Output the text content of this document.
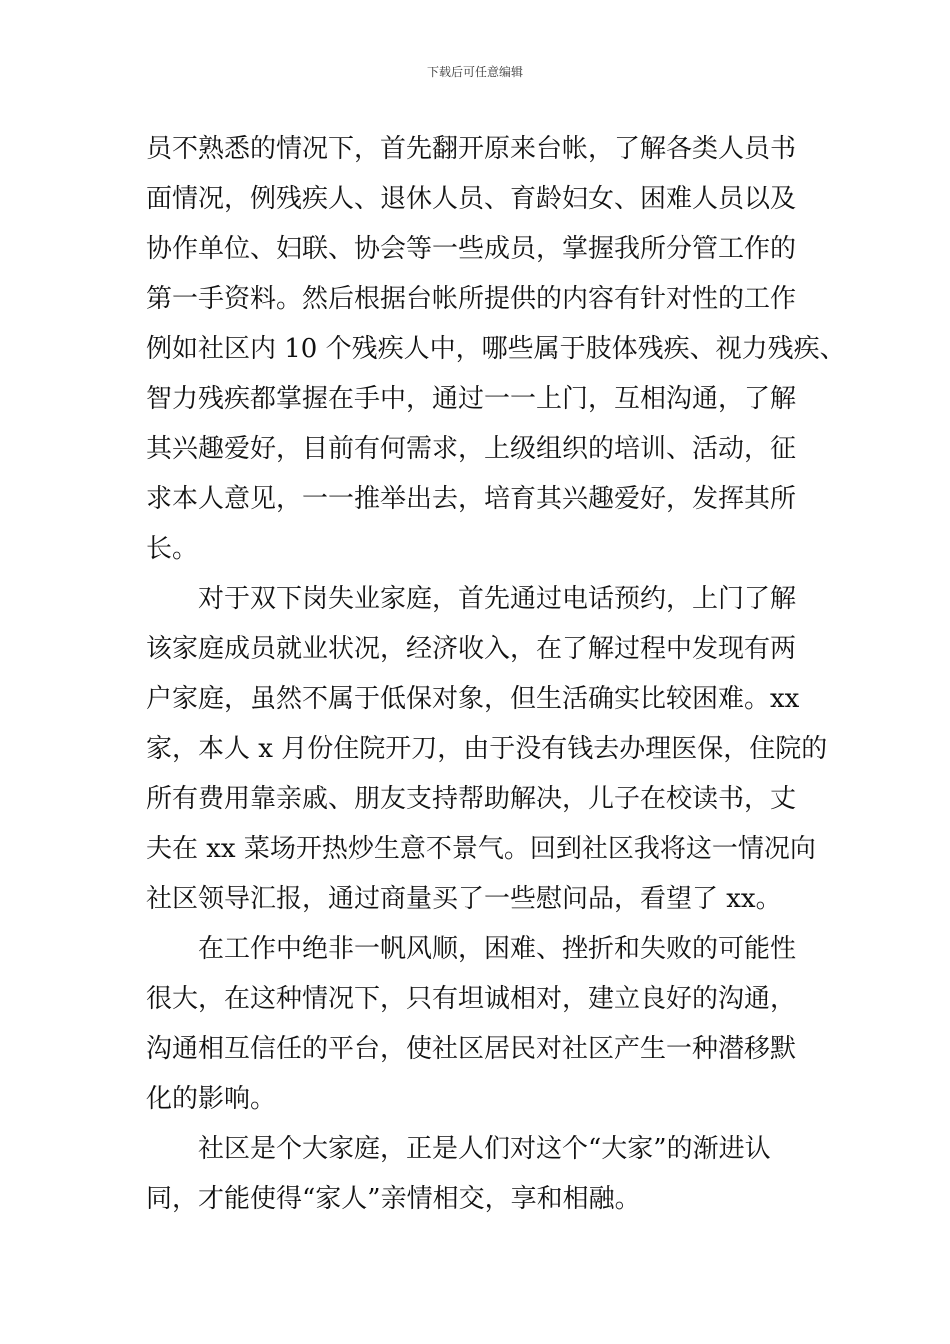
下载后可任意编辑
员不熟悉的情况下，首先翻开原来台帐，了解各类人员书
面情况，例残疾人、退休人员、育龄妇女、困难人员以及
协作单位、妇联、协会等一些成员，掌握我所分管工作的
第一手资料。然后根据台帐所提供的内容有针对性的工作
例如社区内 10 个残疾人中，哪些属于肢体残疾、视力残疾、
智力残疾都掌握在手中，通过一一上门，互相沟通，了解
其兴趣爱好，目前有何需求，上级组织的培训、活动，征
求本人意见，一一推举出去，培育其兴趣爱好，发挥其所
长。
　　对于双下岗失业家庭，首先通过电话预约，上门了解
该家庭成员就业状况，经济收入，在了解过程中发现有两
户家庭，虽然不属于低保对象，但生活确实比较困难。xx
家，本人 x 月份住院开刀，由于没有钱去办理医保，住院的
所有费用靠亲戚、朋友支持帮助解决，儿子在校读书，丈
夫在 xx 菜场开热炒生意不景气。回到社区我将这一情况向
社区领导汇报，通过商量买了一些慰问品，看望了 xx。
　　在工作中绝非一帆风顺，困难、挫折和失败的可能性
很大，在这种情况下，只有坦诚相对，建立良好的沟通，
沟通相互信任的平台，使社区居民对社区产生一种潜移默
化的影响。
　　社区是个大家庭，正是人们对这个“大家”的渐进认
同，才能使得“家人”亲情相交，享和相融。
